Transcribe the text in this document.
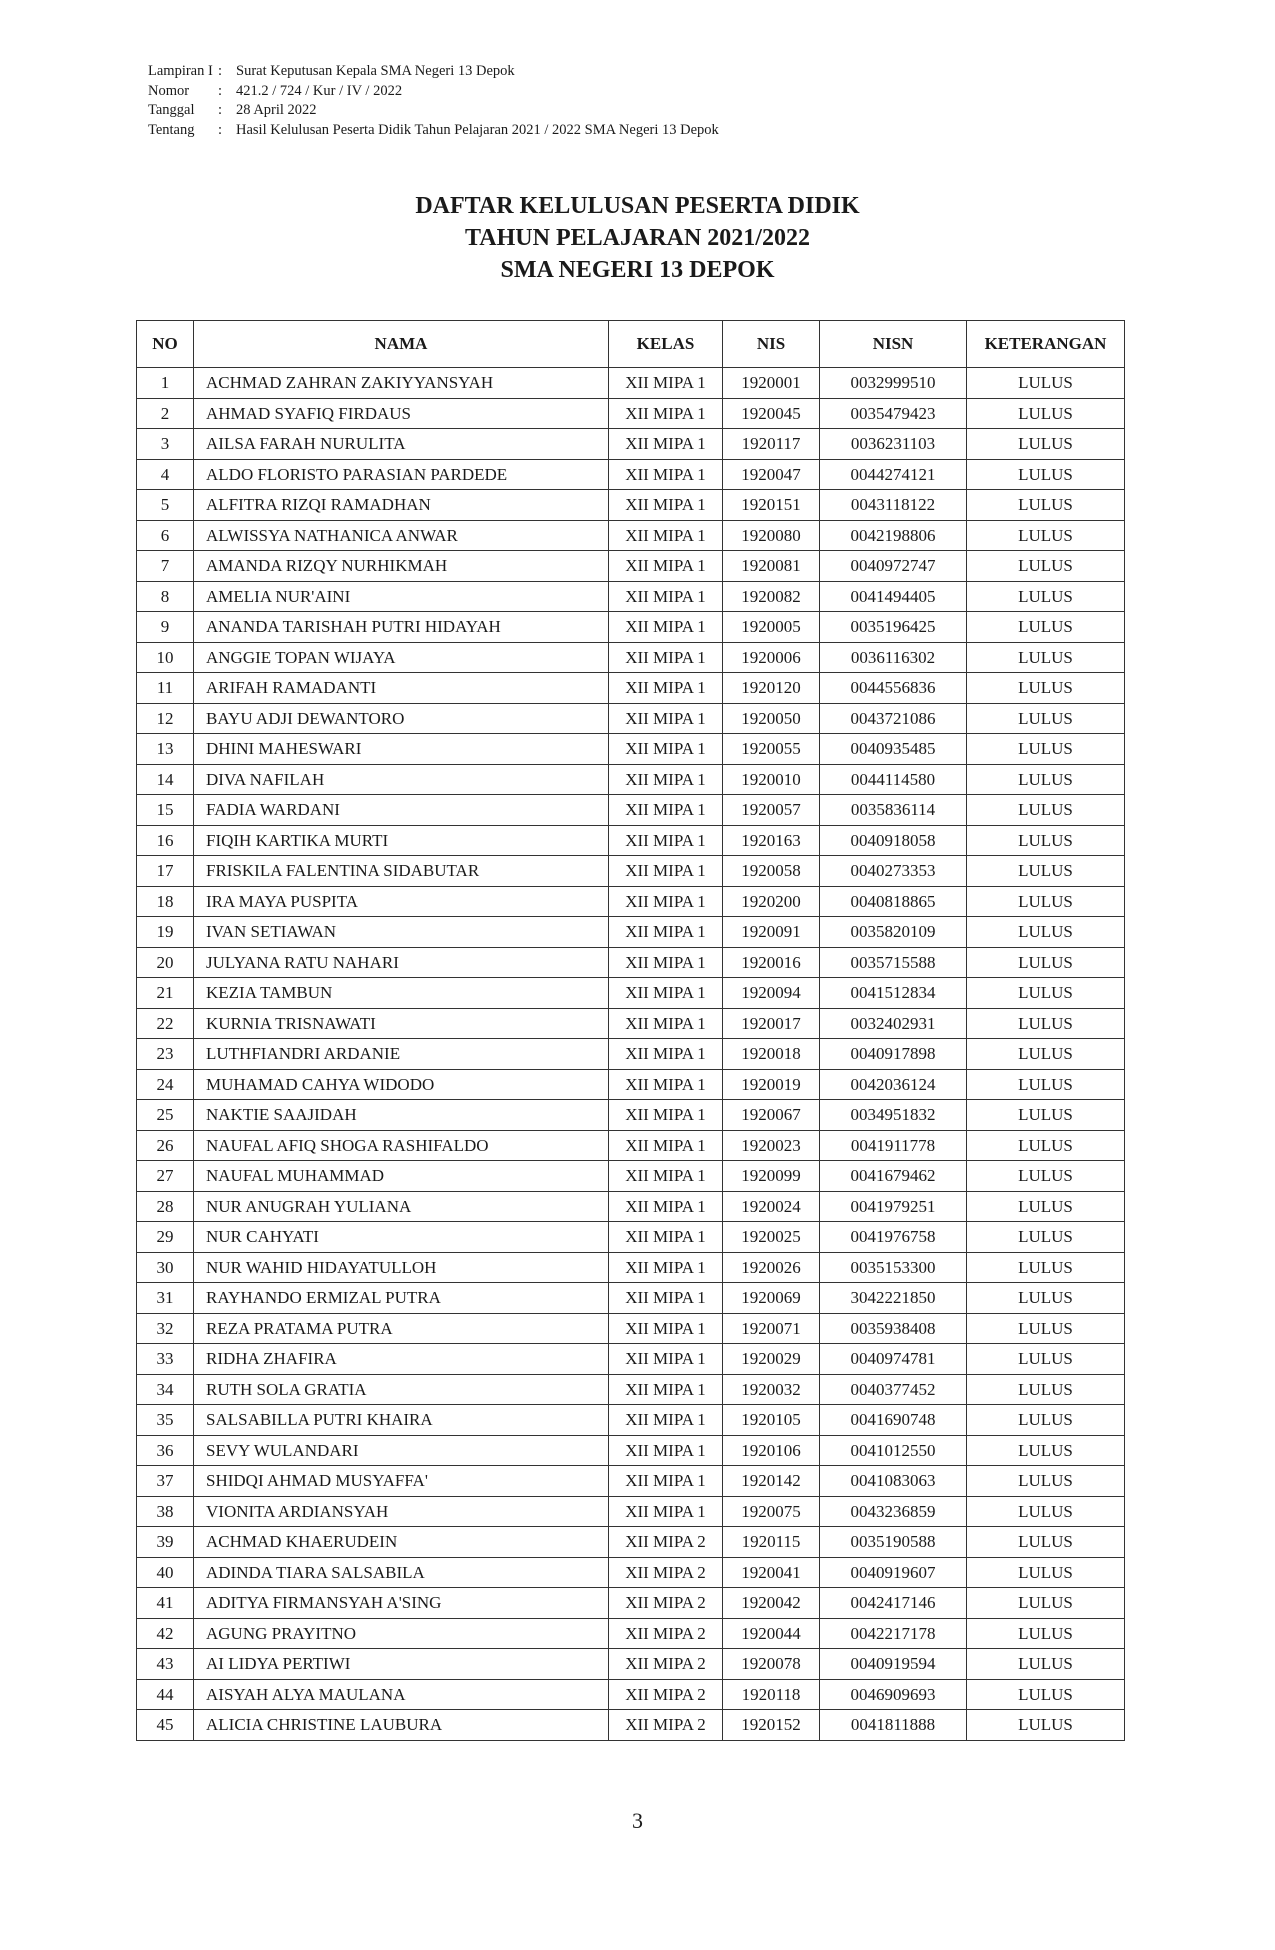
Lampiran I : Surat Keputusan Kepala SMA Negeri 13 Depok
Nomor	: 421.2 / 724 / Kur / IV / 2022
Tanggal	: 28 April 2022
Tentang	: Hasil Kelulusan Peserta Didik Tahun Pelajaran 2021 / 2022 SMA Negeri 13 Depok
DAFTAR KELULUSAN PESERTA DIDIK
TAHUN PELAJARAN 2021/2022
SMA NEGERI 13 DEPOK
NO	NAMA	KELAS	NIS	NISN	KETERANGAN
1	ACHMAD ZAHRAN ZAKIYYANSYAH	XII MIPA 1	1920001	0032999510	LULUS
2	AHMAD SYAFIQ FIRDAUS	XII MIPA 1	1920045	0035479423	LULUS
3	AILSA FARAH NURULITA	XII MIPA 1	1920117	0036231103	LULUS
4	ALDO FLORISTO PARASIAN PARDEDE	XII MIPA 1	1920047	0044274121	LULUS
5	ALFITRA RIZQI RAMADHAN	XII MIPA 1	1920151	0043118122	LULUS
6	ALWISSYA NATHANICA ANWAR	XII MIPA 1	1920080	0042198806	LULUS
7	AMANDA RIZQY NURHIKMAH	XII MIPA 1	1920081	0040972747	LULUS
8	AMELIA NUR'AINI	XII MIPA 1	1920082	0041494405	LULUS
9	ANANDA TARISHAH PUTRI HIDAYAH	XII MIPA 1	1920005	0035196425	LULUS
10	ANGGIE TOPAN WIJAYA	XII MIPA 1	1920006	0036116302	LULUS
11	ARIFAH RAMADANTI	XII MIPA 1	1920120	0044556836	LULUS
12	BAYU ADJI DEWANTORO	XII MIPA 1	1920050	0043721086	LULUS
13	DHINI MAHESWARI	XII MIPA 1	1920055	0040935485	LULUS
14	DIVA NAFILAH	XII MIPA 1	1920010	0044114580	LULUS
15	FADIA WARDANI	XII MIPA 1	1920057	0035836114	LULUS
16	FIQIH KARTIKA MURTI	XII MIPA 1	1920163	0040918058	LULUS
17	FRISKILA FALENTINA SIDABUTAR	XII MIPA 1	1920058	0040273353	LULUS
18	IRA MAYA PUSPITA	XII MIPA 1	1920200	0040818865	LULUS
19	IVAN SETIAWAN	XII MIPA 1	1920091	0035820109	LULUS
20	JULYANA RATU NAHARI	XII MIPA 1	1920016	0035715588	LULUS
21	KEZIA TAMBUN	XII MIPA 1	1920094	0041512834	LULUS
22	KURNIA TRISNAWATI	XII MIPA 1	1920017	0032402931	LULUS
23	LUTHFIANDRI ARDANIE	XII MIPA 1	1920018	0040917898	LULUS
24	MUHAMAD CAHYA WIDODO	XII MIPA 1	1920019	0042036124	LULUS
25	NAKTIE SAAJIDAH	XII MIPA 1	1920067	0034951832	LULUS
26	NAUFAL AFIQ SHOGA RASHIFALDO	XII MIPA 1	1920023	0041911778	LULUS
27	NAUFAL MUHAMMAD	XII MIPA 1	1920099	0041679462	LULUS
28	NUR ANUGRAH YULIANA	XII MIPA 1	1920024	0041979251	LULUS
29	NUR CAHYATI	XII MIPA 1	1920025	0041976758	LULUS
30	NUR WAHID HIDAYATULLOH	XII MIPA 1	1920026	0035153300	LULUS
31	RAYHANDO ERMIZAL PUTRA	XII MIPA 1	1920069	3042221850	LULUS
32	REZA PRATAMA PUTRA	XII MIPA 1	1920071	0035938408	LULUS
33	RIDHA ZHAFIRA	XII MIPA 1	1920029	0040974781	LULUS
34	RUTH SOLA GRATIA	XII MIPA 1	1920032	0040377452	LULUS
35	SALSABILLA PUTRI KHAIRA	XII MIPA 1	1920105	0041690748	LULUS
36	SEVY WULANDARI	XII MIPA 1	1920106	0041012550	LULUS
37	SHIDQI AHMAD MUSYAFFA'	XII MIPA 1	1920142	0041083063	LULUS
38	VIONITA ARDIANSYAH	XII MIPA 1	1920075	0043236859	LULUS
39	ACHMAD KHAERUDEIN	XII MIPA 2	1920115	0035190588	LULUS
40	ADINDA TIARA SALSABILA	XII MIPA 2	1920041	0040919607	LULUS
41	ADITYA FIRMANSYAH A'SING	XII MIPA 2	1920042	0042417146	LULUS
42	AGUNG PRAYITNO	XII MIPA 2	1920044	0042217178	LULUS
43	AI LIDYA PERTIWI	XII MIPA 2	1920078	0040919594	LULUS
44	AISYAH ALYA MAULANA	XII MIPA 2	1920118	0046909693	LULUS
45	ALICIA CHRISTINE LAUBURA	XII MIPA 2	1920152	0041811888	LULUS
3
